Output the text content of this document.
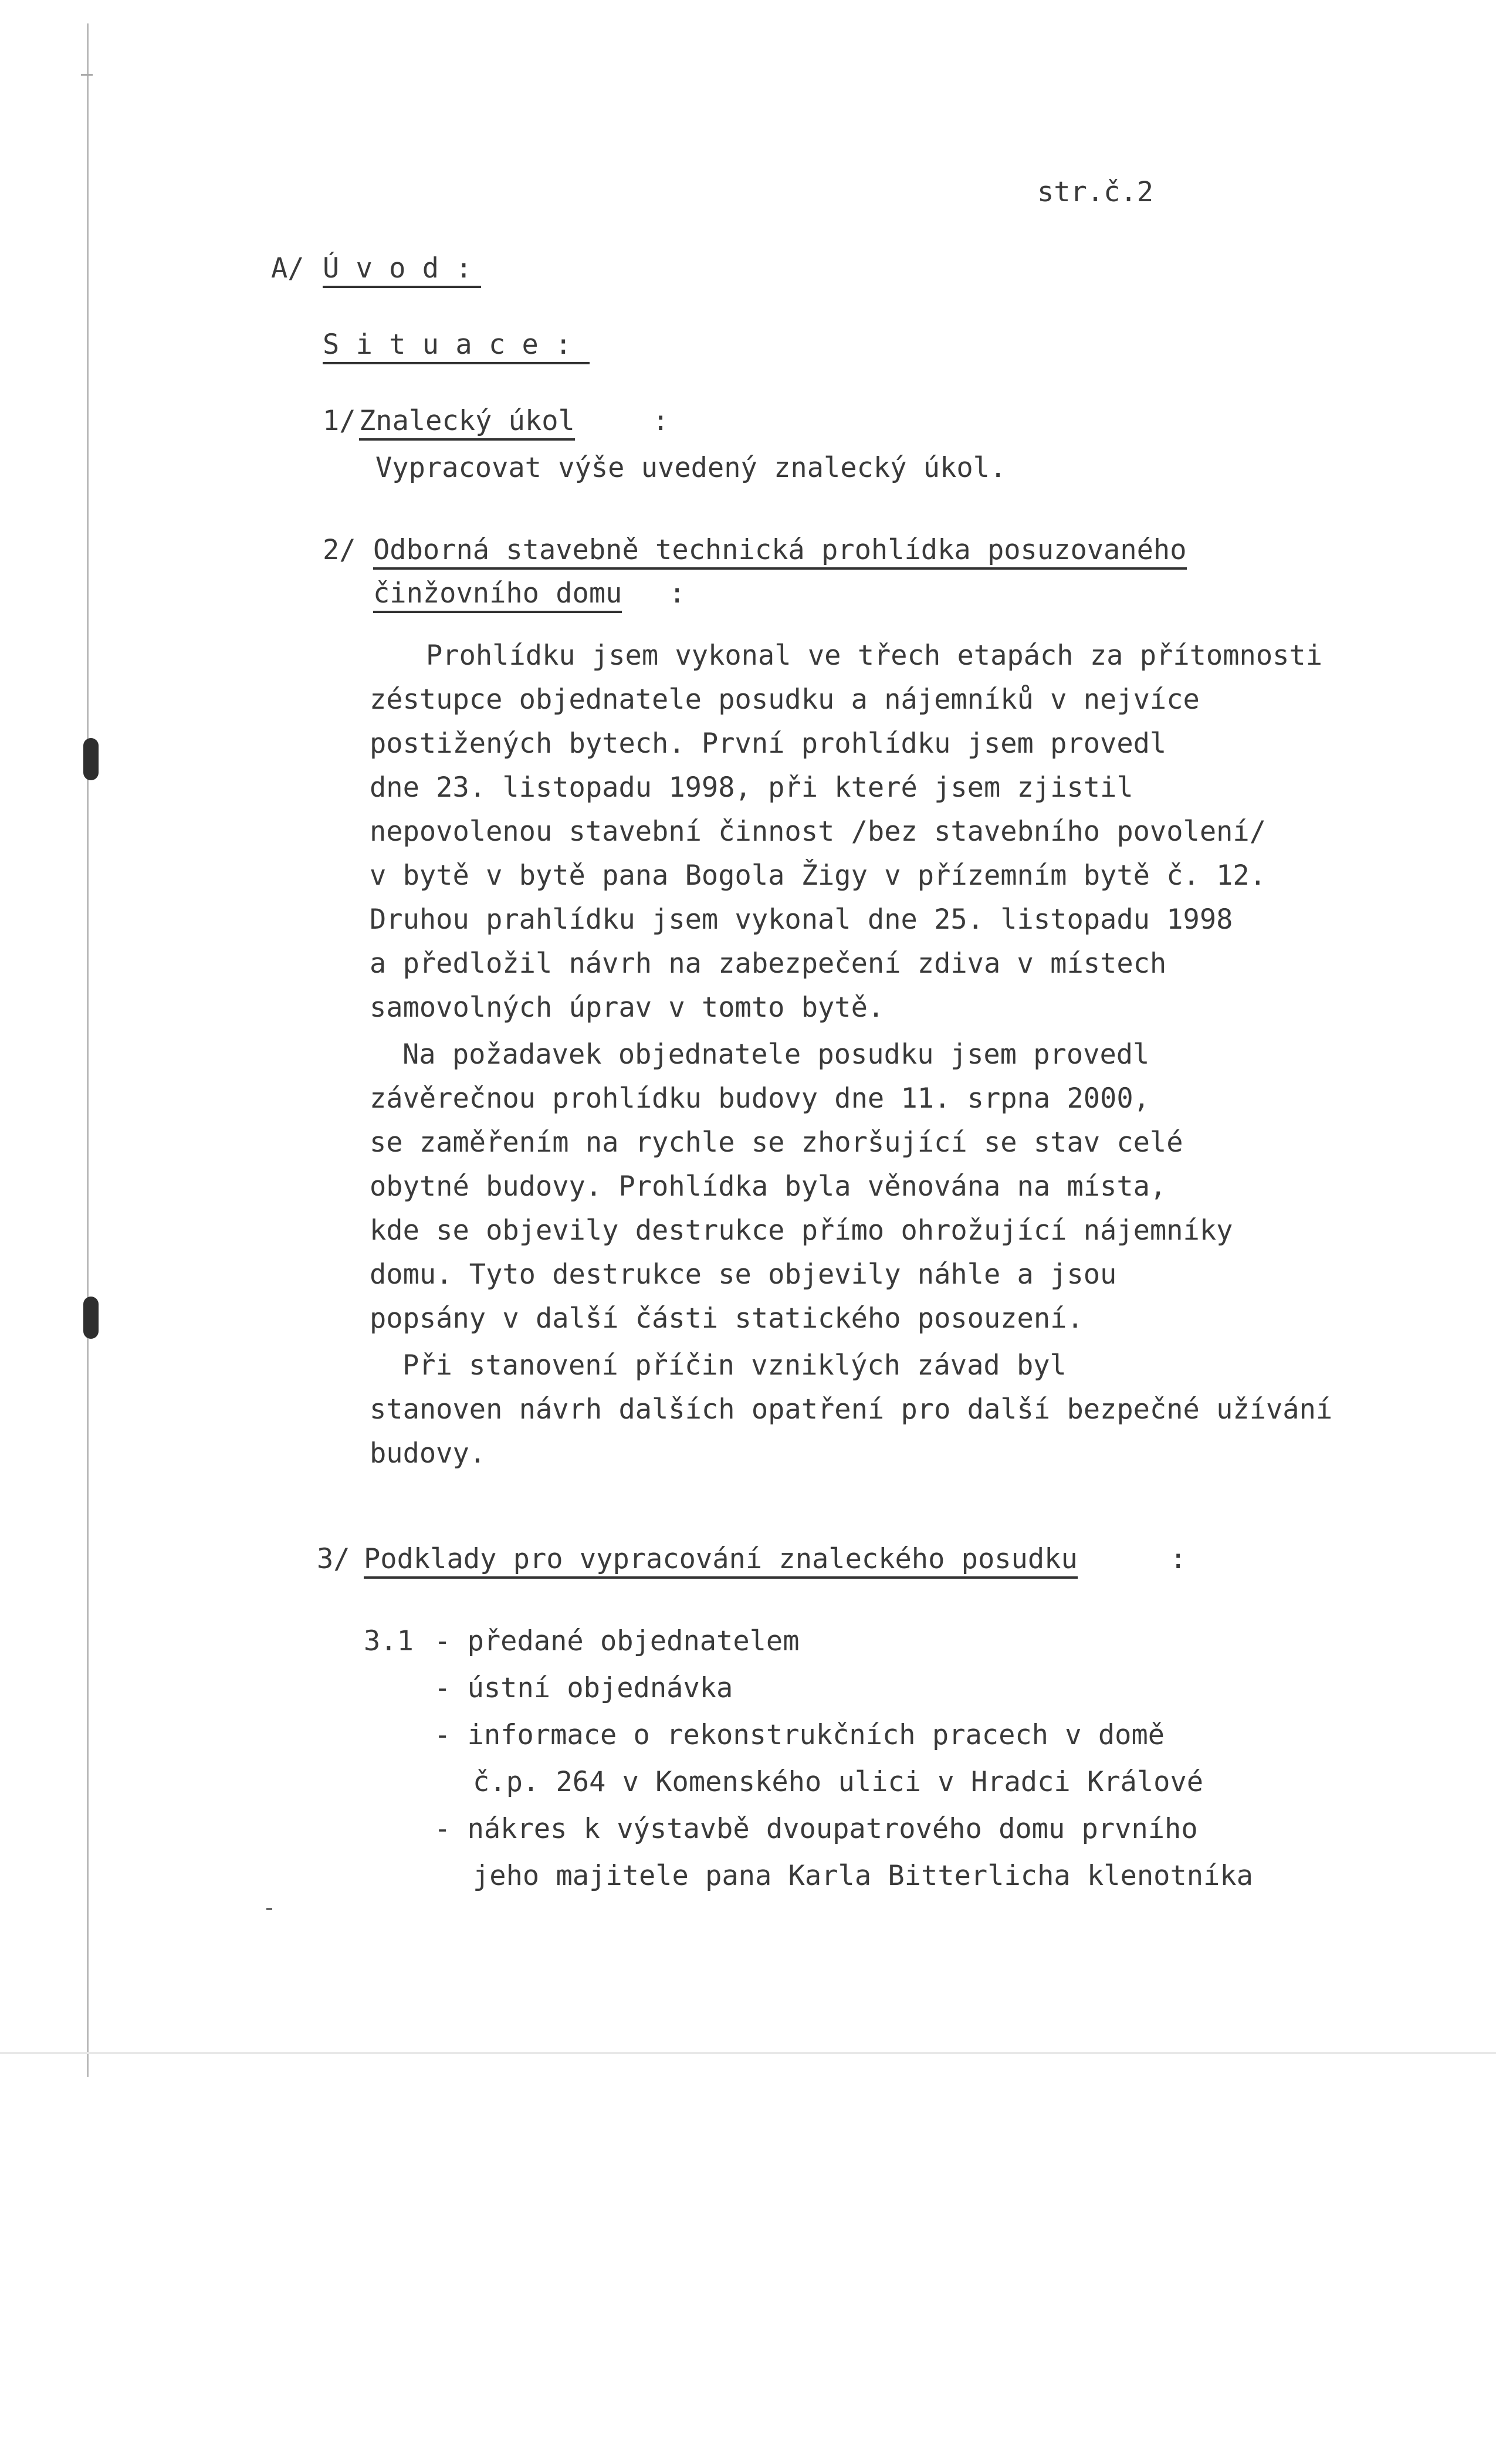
str.č.2
A/ Ú v o d :
S i t u a c e :
1/ Znalecký úkol	:
Vypracovat výše uvedený znalecký úkol.
2/ Odborná stavebně technická prohlídka posuzovaného
činžovního domu :
Prohlídku jsem vykonal ve třech etapách za přítomnosti
zéstupce objednatele posudku a nájemníků v nejvíce
postižených bytech. První prohlídku jsem provedl
dne 23. listopadu 1998, při které jsem zjistil
nepovolenou stavební činnost /bez stavebního povolení/
v bytě v bytě pana Bogola Žigy v přízemním bytě č. 12.
Druhou prahlídku jsem vykonal dne 25. listopadu 1998
a předložil návrh na zabezpečení zdiva v místech
samovolných úprav v tomto bytě.
Na požadavek objednatele posudku jsem provedl
závěrečnou prohlídku budovy dne 11. srpna 2000,
se zaměřením na rychle se zhoršující se stav celé
obytné budovy. Prohlídka byla věnována na místa,
kde se objevily destrukce přímo ohrožující nájemníky
domu. Tyto destrukce se objevily náhle a jsou
popsány v další části statického posouzení.
Při stanovení příčin vzniklých závad byl
stanoven návrh dalších opatření pro další bezpečné užívání
budovy.
3/ Podklady pro vypracování znaleckého posudku	:
3.1 - předané objednatelem
- ústní objednávka
- informace o rekonstrukčních pracech v domě
č.p. 264 v Komenského ulici v Hradci Králové
- nákres k výstavbě dvoupatrového domu prvního
jeho majitele pana Karla Bitterlicha klenotníka
